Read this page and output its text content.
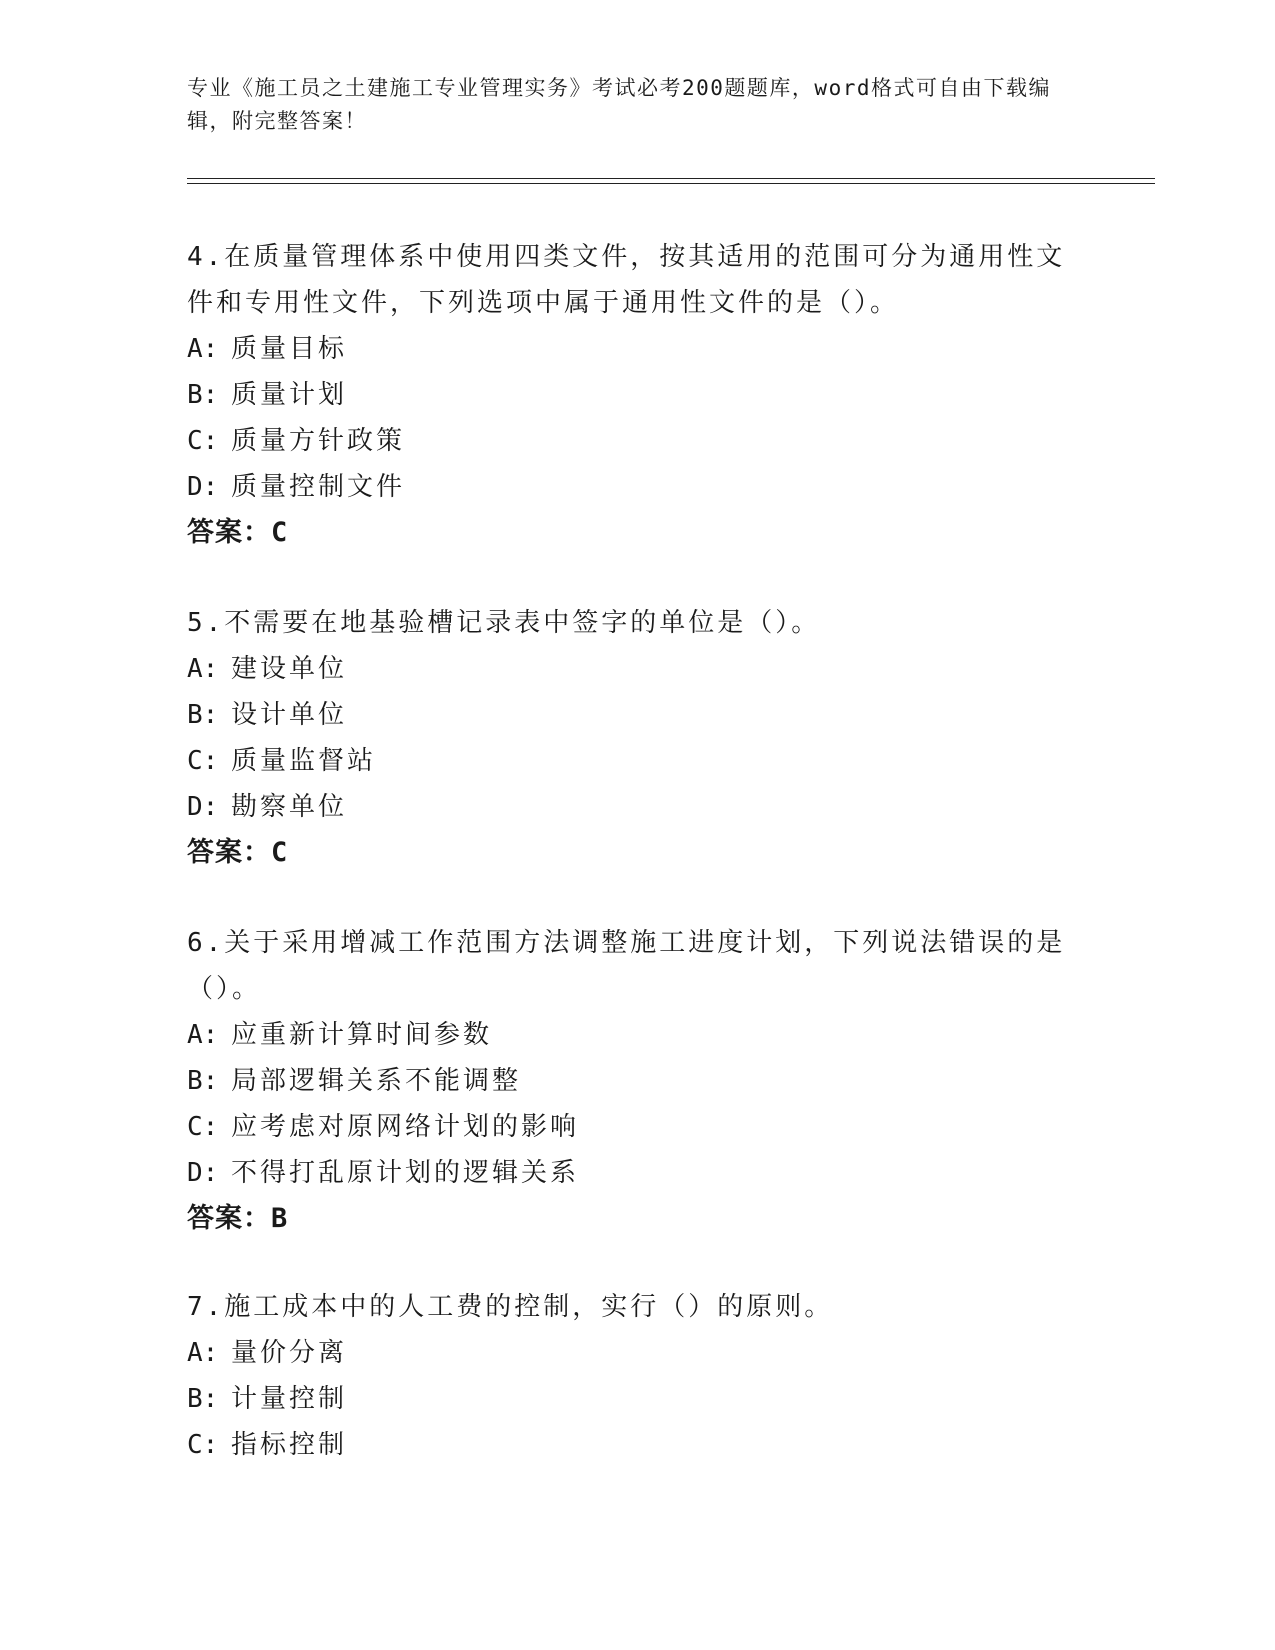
专业《施工员之土建施工专业管理实务》考试必考200题题库，word格式可自由下载编辑，附完整答案！

4.在质量管理体系中使用四类文件，按其适用的范围可分为通用性文件和专用性文件，下列选项中属于通用性文件的是（）。

A: 质量目标

B: 质量计划

C: 质量方针政策

D: 质量控制文件

答案：C

5.不需要在地基验槽记录表中签字的单位是（）。

A: 建设单位

B: 设计单位

C: 质量监督站

D: 勘察单位

答案：C

6.关于采用增减工作范围方法调整施工进度计划，下列说法错误的是（）。

A: 应重新计算时间参数

B: 局部逻辑关系不能调整

C: 应考虑对原网络计划的影响

D: 不得打乱原计划的逻辑关系

答案：B

7.施工成本中的人工费的控制，实行（）的原则。

A: 量价分离

B: 计量控制

C: 指标控制
